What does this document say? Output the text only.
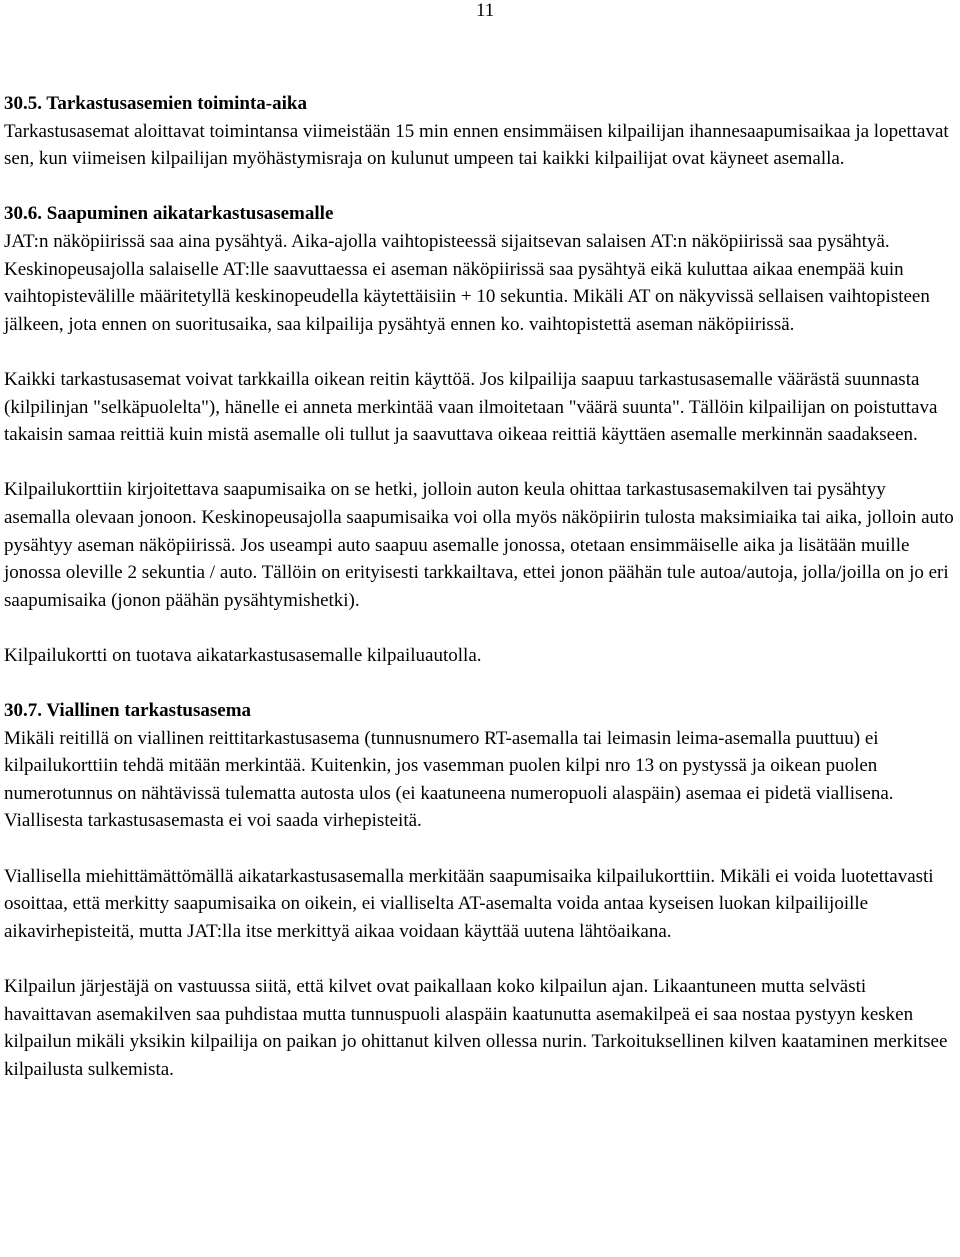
11
30.5. Tarkastusasemien toiminta-aika

Tarkastusasemat aloittavat toimintansa viimeistään 15 min ennen ensimmäisen kilpailijan ihannesaapumisaikaa ja lopettavat sen, kun viimeisen kilpailijan myöhästymisraja on kulunut umpeen tai kaikki kilpailijat ovat käyneet asemalla.

30.6. Saapuminen aikatarkastusasemalle

JAT:n näköpiirissä saa aina pysähtyä. Aika-ajolla vaihtopisteessä sijaitsevan salaisen AT:n näköpiirissä saa pysähtyä. Keskinopeusajolla salaiselle AT:lle saavuttaessa ei aseman näköpiirissä saa pysähtyä eikä kuluttaa aikaa enempää kuin vaihtopistevälille määritetyllä keskinopeudella käytettäisiin + 10 sekuntia. Mikäli AT on näkyvissä sellaisen vaihtopisteen jälkeen, jota ennen on suoritusaika, saa kilpailija pysähtyä ennen ko. vaihtopistettä aseman näköpiirissä.

Kaikki tarkastusasemat voivat tarkkailla oikean reitin käyttöä. Jos kilpailija saapuu tarkastusasemalle väärästä suunnasta (kilpilinjan "selkäpuolelta"), hänelle ei anneta merkintää vaan ilmoitetaan "väärä suunta". Tällöin kilpailijan on poistuttava takaisin samaa reittiä kuin mistä asemalle oli tullut ja saavuttava oikeaa reittiä käyttäen asemalle merkinnän saadakseen.

Kilpailukorttiin kirjoitettava saapumisaika on se hetki, jolloin auton keula ohittaa tarkastusasemakilven tai pysähtyy asemalla olevaan jonoon. Keskinopeusajolla saapumisaika voi olla myös näköpiirin tulosta maksimiaika tai aika, jolloin auto pysähtyy aseman näköpiirissä. Jos useampi auto saapuu asemalle jonossa, otetaan ensimmäiselle aika ja lisätään muille jonossa oleville 2 sekuntia / auto. Tällöin on erityisesti tarkkailtava, ettei jonon päähän tule autoa/autoja, jolla/joilla on jo eri saapumisaika (jonon päähän pysähtymishetki).

Kilpailukortti on tuotava aikatarkastusasemalle kilpailuautolla.

30.7. Viallinen tarkastusasema

Mikäli reitillä on viallinen reittitarkastusasema (tunnusnumero RT-asemalla tai leimasin leima-asemalla puuttuu) ei kilpailukorttiin tehdä mitään merkintää. Kuitenkin, jos vasemman puolen kilpi nro 13 on pystyssä ja oikean puolen numerotunnus on nähtävissä tulematta autosta ulos (ei kaatuneena numeropuoli alaspäin) asemaa ei pidetä viallisena. Viallisesta tarkastusasemasta ei voi saada virhepisteitä.

Viallisella miehittämättömällä aikatarkastusasemalla merkitään saapumisaika kilpailukorttiin. Mikäli ei voida luotettavasti osoittaa, että merkitty saapumisaika on oikein, ei vialliselta AT-asemalta voida antaa kyseisen luokan kilpailijoille aikavirhepisteitä, mutta JAT:lla itse merkittyä aikaa voidaan käyttää uutena lähtöaikana.

Kilpailun järjestäjä on vastuussa siitä, että kilvet ovat paikallaan koko kilpailun ajan. Likaantuneen mutta selvästi havaittavan asemakilven saa puhdistaa mutta tunnuspuoli alaspäin kaatunutta asemakilpeä ei saa nostaa pystyyn kesken kilpailun mikäli yksikin kilpailija on paikan jo ohittanut kilven ollessa nurin. Tarkoituksellinen kilven kaataminen merkitsee kilpailusta sulkemista.
